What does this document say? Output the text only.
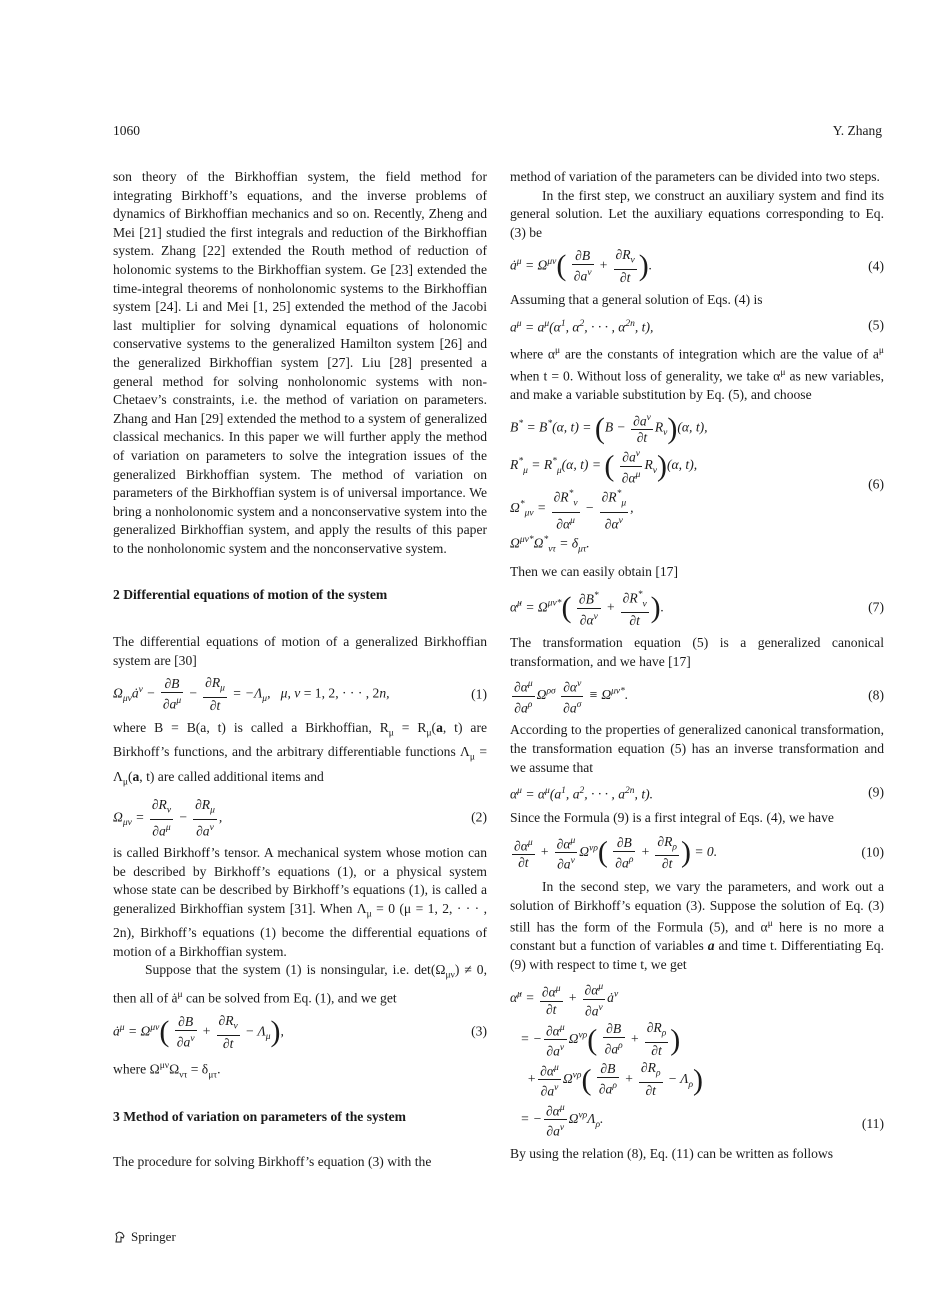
1060	Y. Zhang

son theory of the Birkhoffian system, the field method for integrating Birkhoff’s equations, and the inverse problems of dynamics of Birkhoffian mechanics and so on. Recently, Zheng and Mei [21] studied the first integrals and reduction of the Birkhoffian system. Zhang [22] extended the Routh method of reduction of holonomic systems to the Birkhoffian system. Ge [23] extended the time-integral theorems of nonholonomic systems to the Birkhoffian system [24]. Li and Mei [1, 25] extended the method of the Jacobi last multiplier for solving dynamical equations of holonomic conservative systems to the generalized Hamilton system [26] and the generalized Birkhoffian system [27]. Liu [28] presented a general method for solving nonholonomic systems with non-Chetaev’s constraints, i.e. the method of variation on parameters. Zhang and Han [29] extended the method to a system of generalized classical mechanics. In this paper we will further apply the method of variation on parameters to solve the integration issues of the generalized Birkhoffian system. The method of variation on parameters of the Birkhoffian system is of universal importance. We bring a nonholonomic system and a nonconservative system into the generalized Birkhoffian system, and apply the results of this paper to the nonholonomic system and the nonconservative system.

2 Differential equations of motion of the system

The differential equations of motion of a generalized Birkhoffian system are [30]

$\Omega_{\mu\nu}ȧ^\nu - \frac{\partial B}{\partial a^\mu} - \frac{\partial R_\mu}{\partial t} = -\Lambda_\mu$,   μ, ν = 1, 2, · · · , 2n,	(1)

where B = B(a, t) is called a Birkhoffian, $R_\mu = R_\mu(a$, t) are Birkhoff’s functions, and the arbitrary differentiable functions $\Lambda_\mu = \Lambda_\mu(a$, t) are called additional items and

$\Omega_{\mu\nu} = \frac{\partial R_\nu}{\partial a^\mu} - \frac{\partial R_\mu}{\partial a^\nu}$ ,	(2)

is called Birkhoff’s tensor. A mechanical system whose motion can be described by Birkhoff’s equations (1), or a physical system whose state can be described by Birkhoff’s equations (1), is called a generalized Birkhoffian system [31]. When $\Lambda_\mu = 0$ (μ = 1, 2, · · · , 2n), Birkhoff’s equations (1) become the differential equations of motion of a Birkhoffian system.

Suppose that the system (1) is nonsingular, i.e. $\det(\Omega_{\mu\nu}) \ne 0$, then all of $ȧ^\mu$ can be solved from Eq. (1), and we get

$ȧ^\mu = \Omega^{\mu\nu}( \frac{\partial B}{\partial a^\nu} + \frac{\partial R_\nu}{\partial t} - \Lambda_\mu)$,	(3)

where $\Omega^{\mu\nu}\Omega_{\nu\tau} = \delta_{\mu\tau}$.

3 Method of variation on parameters of the system

The procedure for solving Birkhoff’s equation (3) with the

method of variation of the parameters can be divided into two steps.

In the first step, we construct an auxiliary system and find its general solution. Let the auxiliary equations corresponding to Eq. (3) be

$ȧ^\mu = \Omega^{\mu\nu}( \frac{\partial B}{\partial a^\nu} + \frac{\partial R_\nu}{\partial t}$ ).	(4)

Assuming that a general solution of Eqs. (4) is

$a^\mu = a^\mu(\alpha^1$, $\alpha^2$, · · · , $\alpha^{2n}$, t),	(5)

where $\alpha^\mu$ are the constants of integration which are the value of $a^\mu$ when t = 0. Without loss of generality, we take $\alpha^\mu$ as new variables, and make a variable substitution by Eq. (5), and choose

B* = B*(α, $t) = (B - \frac{\partial a^\nu}{\partial t} R_\nu)(\alpha$, t),
$R^*_\mu = R^*_\mu(\alpha$, t) = ( $\frac{\partial a^\nu}{\partial\alpha^\mu} R_\nu)(\alpha$, t),
$\Omega^*_{\mu\nu} = \frac{\partial R^*_\nu}{\partial\alpha^\mu} - \frac{\partial R^*_\mu}{\partial\alpha^\nu}$ ,
$\Omega^{\mu\nu*}\Omega^*_{\nu\tau} = \delta_{\mu\tau}$.
(6)

Then we can easily obtain [17]

α̇$^\mu$ = $\Omega^{\mu\nu*}( \frac{\partial B^*}{\partial\alpha^\nu} + \frac{\partial R^*_\nu}{\partial t}$ ).	(7)

The transformation equation (5) is a generalized canonical transformation, and we have [17]

$\frac{\partial\alpha^\mu}{\partial a^\rho} \Omega^{\rho\sigma} \frac{\partial\alpha^\nu}{\partial a^\sigma} \equiv \Omega^{\mu\nu*}$.	(8)

According to the properties of generalized canonical transformation, the transformation equation (5) has an inverse transformation and we assume that

$\alpha^\mu = \alpha^\mu(a^1$, $a^2$, · · · , $a^{2n}$, t).	(9)

Since the Formula (9) is a first integral of Eqs. (4), we have

$\frac{\partial\alpha^\mu}{\partial t} + \frac{\partial\alpha^\mu}{\partial a^\nu} \Omega^{\nu\rho}( \frac{\partial B}{\partial a^\rho} + \frac{\partial R_\rho}{\partial t}$ ) = 0.	(10)

In the second step, we vary the parameters, and work out a solution of Birkhoff’s equation (3). Suppose the solution of Eq. (3) still has the form of the Formula (5), and $\alpha^\mu$ here is no more a constant but a function of variables a and time t. Differentiating Eq. (9) with respect to time t, we get

α̇$^\mu$ = $\frac{\partial\alpha^\mu}{\partial t} + \frac{\partial\alpha^\mu}{\partial a^\nu}$ $ȧ^\nu$
= − $\frac{\partial\alpha^\mu}{\partial a^\nu} \Omega^{\nu\rho}( \frac{\partial B}{\partial a^\rho} + \frac{\partial R_\rho}{\partial t}$ )
+ $\frac{\partial\alpha^\mu}{\partial a^\nu} \Omega^{\nu\rho}( \frac{\partial B}{\partial a^\rho} + \frac{\partial R_\rho}{\partial t} - \Lambda_\rho)$
= − $\frac{\partial\alpha^\mu}{\partial a^\nu} \Omega^{\nu\rho}\Lambda_\rho$.	(11)

By using the relation (8), Eq. (11) can be written as follows

Springer
